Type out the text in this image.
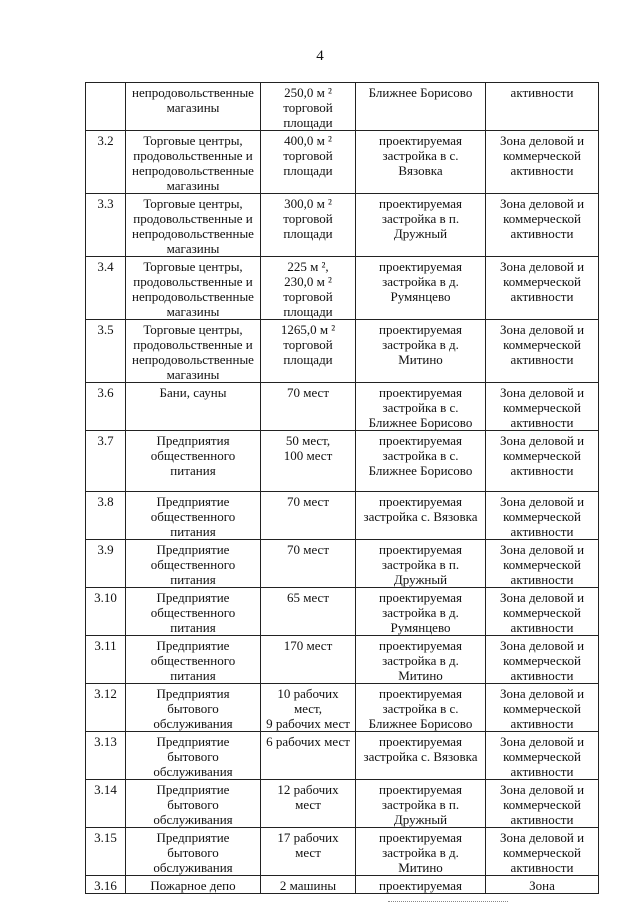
4
	непродовольственные
магазины	250,0 м ²
торговой
площади	Ближнее Борисово	активности
3.2	Торговые центры,
продовольственные и
непродовольственные
магазины	400,0 м ²
торговой
площади	проектируемая
застройка в с.
Вязовка	Зона деловой и
коммерческой
активности
3.3	Торговые центры,
продовольственные и
непродовольственные
магазины	300,0 м ²
торговой
площади	проектируемая
застройка в п.
Дружный	Зона деловой и
коммерческой
активности
3.4	Торговые центры,
продовольственные и
непродовольственные
магазины	225 м ²,
230,0 м ²
торговой
площади	проектируемая
застройка в д.
Румянцево	Зона деловой и
коммерческой
активности
3.5	Торговые центры,
продовольственные и
непродовольственные
магазины	1265,0 м ²
торговой
площади	проектируемая
застройка в д.
Митино	Зона деловой и
коммерческой
активности
3.6	Бани, сауны	70 мест	проектируемая
застройка в с.
Ближнее Борисово	Зона деловой и
коммерческой
активности
3.7	Предприятия
общественного
питания	50 мест,
100 мест	проектируемая
застройка в с.
Ближнее Борисово	Зона деловой и
коммерческой
активности
3.8	Предприятие
общественного
питания	70 мест	проектируемая
застройка с. Вязовка	Зона деловой и
коммерческой
активности
3.9	Предприятие
общественного
питания	70 мест	проектируемая
застройка в п.
Дружный	Зона деловой и
коммерческой
активности
3.10	Предприятие
общественного
питания	65 мест	проектируемая
застройка в д.
Румянцево	Зона деловой и
коммерческой
активности
3.11	Предприятие
общественного
питания	170 мест	проектируемая
застройка в д.
Митино	Зона деловой и
коммерческой
активности
3.12	Предприятия
бытового
обслуживания	10 рабочих
мест,
9 рабочих мест	проектируемая
застройка в с.
Ближнее Борисово	Зона деловой и
коммерческой
активности
3.13	Предприятие
бытового
обслуживания	6 рабочих мест	проектируемая
застройка с. Вязовка	Зона деловой и
коммерческой
активности
3.14	Предприятие
бытового
обслуживания	12 рабочих
мест	проектируемая
застройка в п.
Дружный	Зона деловой и
коммерческой
активности
3.15	Предприятие
бытового
обслуживания	17 рабочих
мест	проектируемая
застройка в д.
Митино	Зона деловой и
коммерческой
активности
3.16	Пожарное депо	2 машины	проектируемая	Зона
